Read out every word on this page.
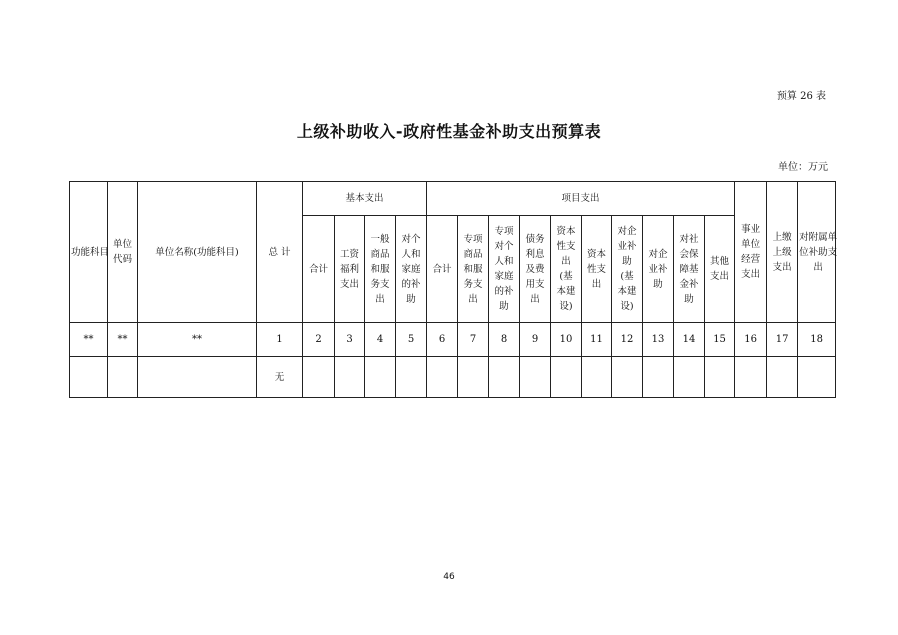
预算 26 表
上级补助收入-政府性基金补助支出预算表
单位：万元
功能科目	单位代码	单位名称(功能科目)	总 计	基本支出				项目支出										事业单位经营支出	上缴上级支出	对附属单位补助支出
				合计	工资福利支出	一般商品和服务支出	对个人和家庭的补助	合计	专项商品和服务支出	专项对个人和家庭的补助	债务利息及费用支出	资本性支出(基本建设)	资本性支出	对企业补助(基本建设)	对企业补助	对社会保障基金补助	其他支出			
**	**	**	1	2	3	4	5	6	7	8	9	10	11	12	13	14	15	16	17	18
			无																	
46
